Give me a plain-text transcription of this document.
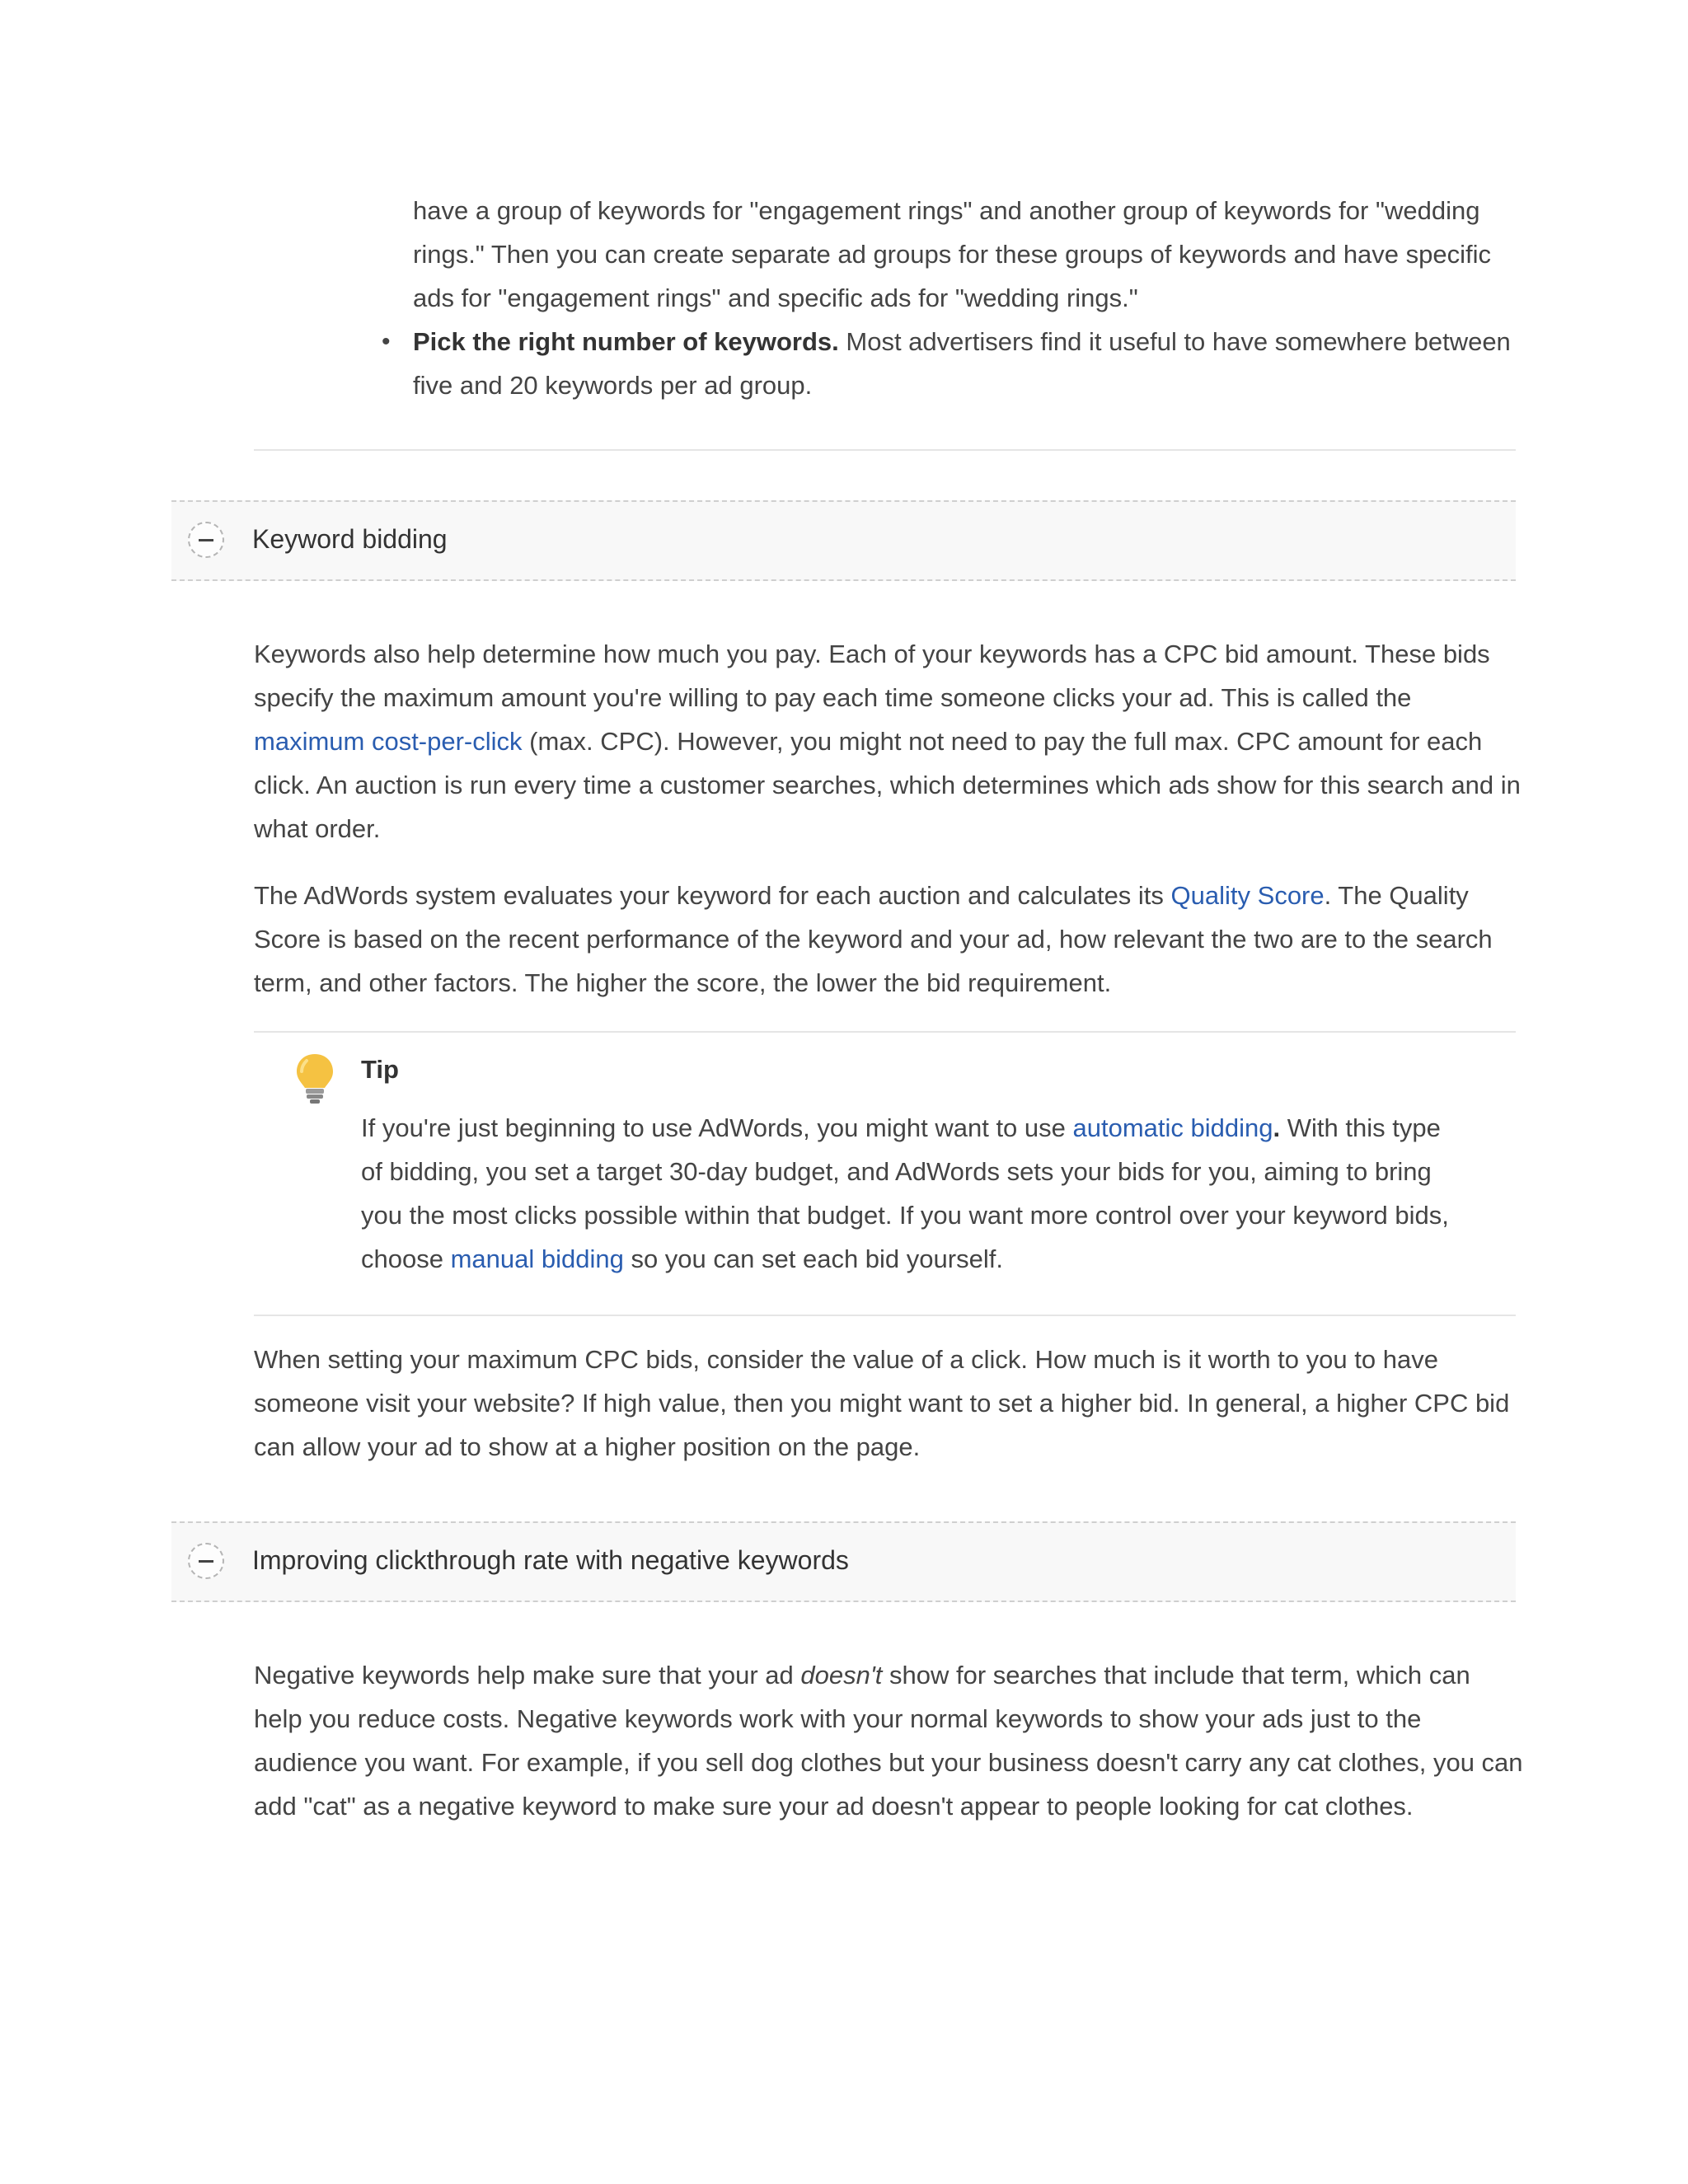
have a group of keywords for "engagement rings" and another group of keywords for "wedding rings." Then you can create separate ad groups for these groups of keywords and have specific ads for "engagement rings" and specific ads for "wedding rings."

• Pick the right number of keywords. Most advertisers find it useful to have somewhere between five and 20 keywords per ad group.

Keyword bidding

Keywords also help determine how much you pay. Each of your keywords has a CPC bid amount. These bids specify the maximum amount you're willing to pay each time someone clicks your ad. This is called the maximum cost-per-click (max. CPC). However, you might not need to pay the full max. CPC amount for each click. An auction is run every time a customer searches, which determines which ads show for this search and in what order.

The AdWords system evaluates your keyword for each auction and calculates its Quality Score. The Quality Score is based on the recent performance of the keyword and your ad, how relevant the two are to the search term, and other factors. The higher the score, the lower the bid requirement.

Tip

If you're just beginning to use AdWords, you might want to use automatic bidding. With this type of bidding, you set a target 30-day budget, and AdWords sets your bids for you, aiming to bring you the most clicks possible within that budget. If you want more control over your keyword bids, choose manual bidding so you can set each bid yourself.

When setting your maximum CPC bids, consider the value of a click. How much is it worth to you to have someone visit your website? If high value, then you might want to set a higher bid. In general, a higher CPC bid can allow your ad to show at a higher position on the page.

Improving clickthrough rate with negative keywords

Negative keywords help make sure that your ad doesn't show for searches that include that term, which can help you reduce costs. Negative keywords work with your normal keywords to show your ads just to the audience you want. For example, if you sell dog clothes but your business doesn't carry any cat clothes, you can add "cat" as a negative keyword to make sure your ad doesn't appear to people looking for cat clothes.
